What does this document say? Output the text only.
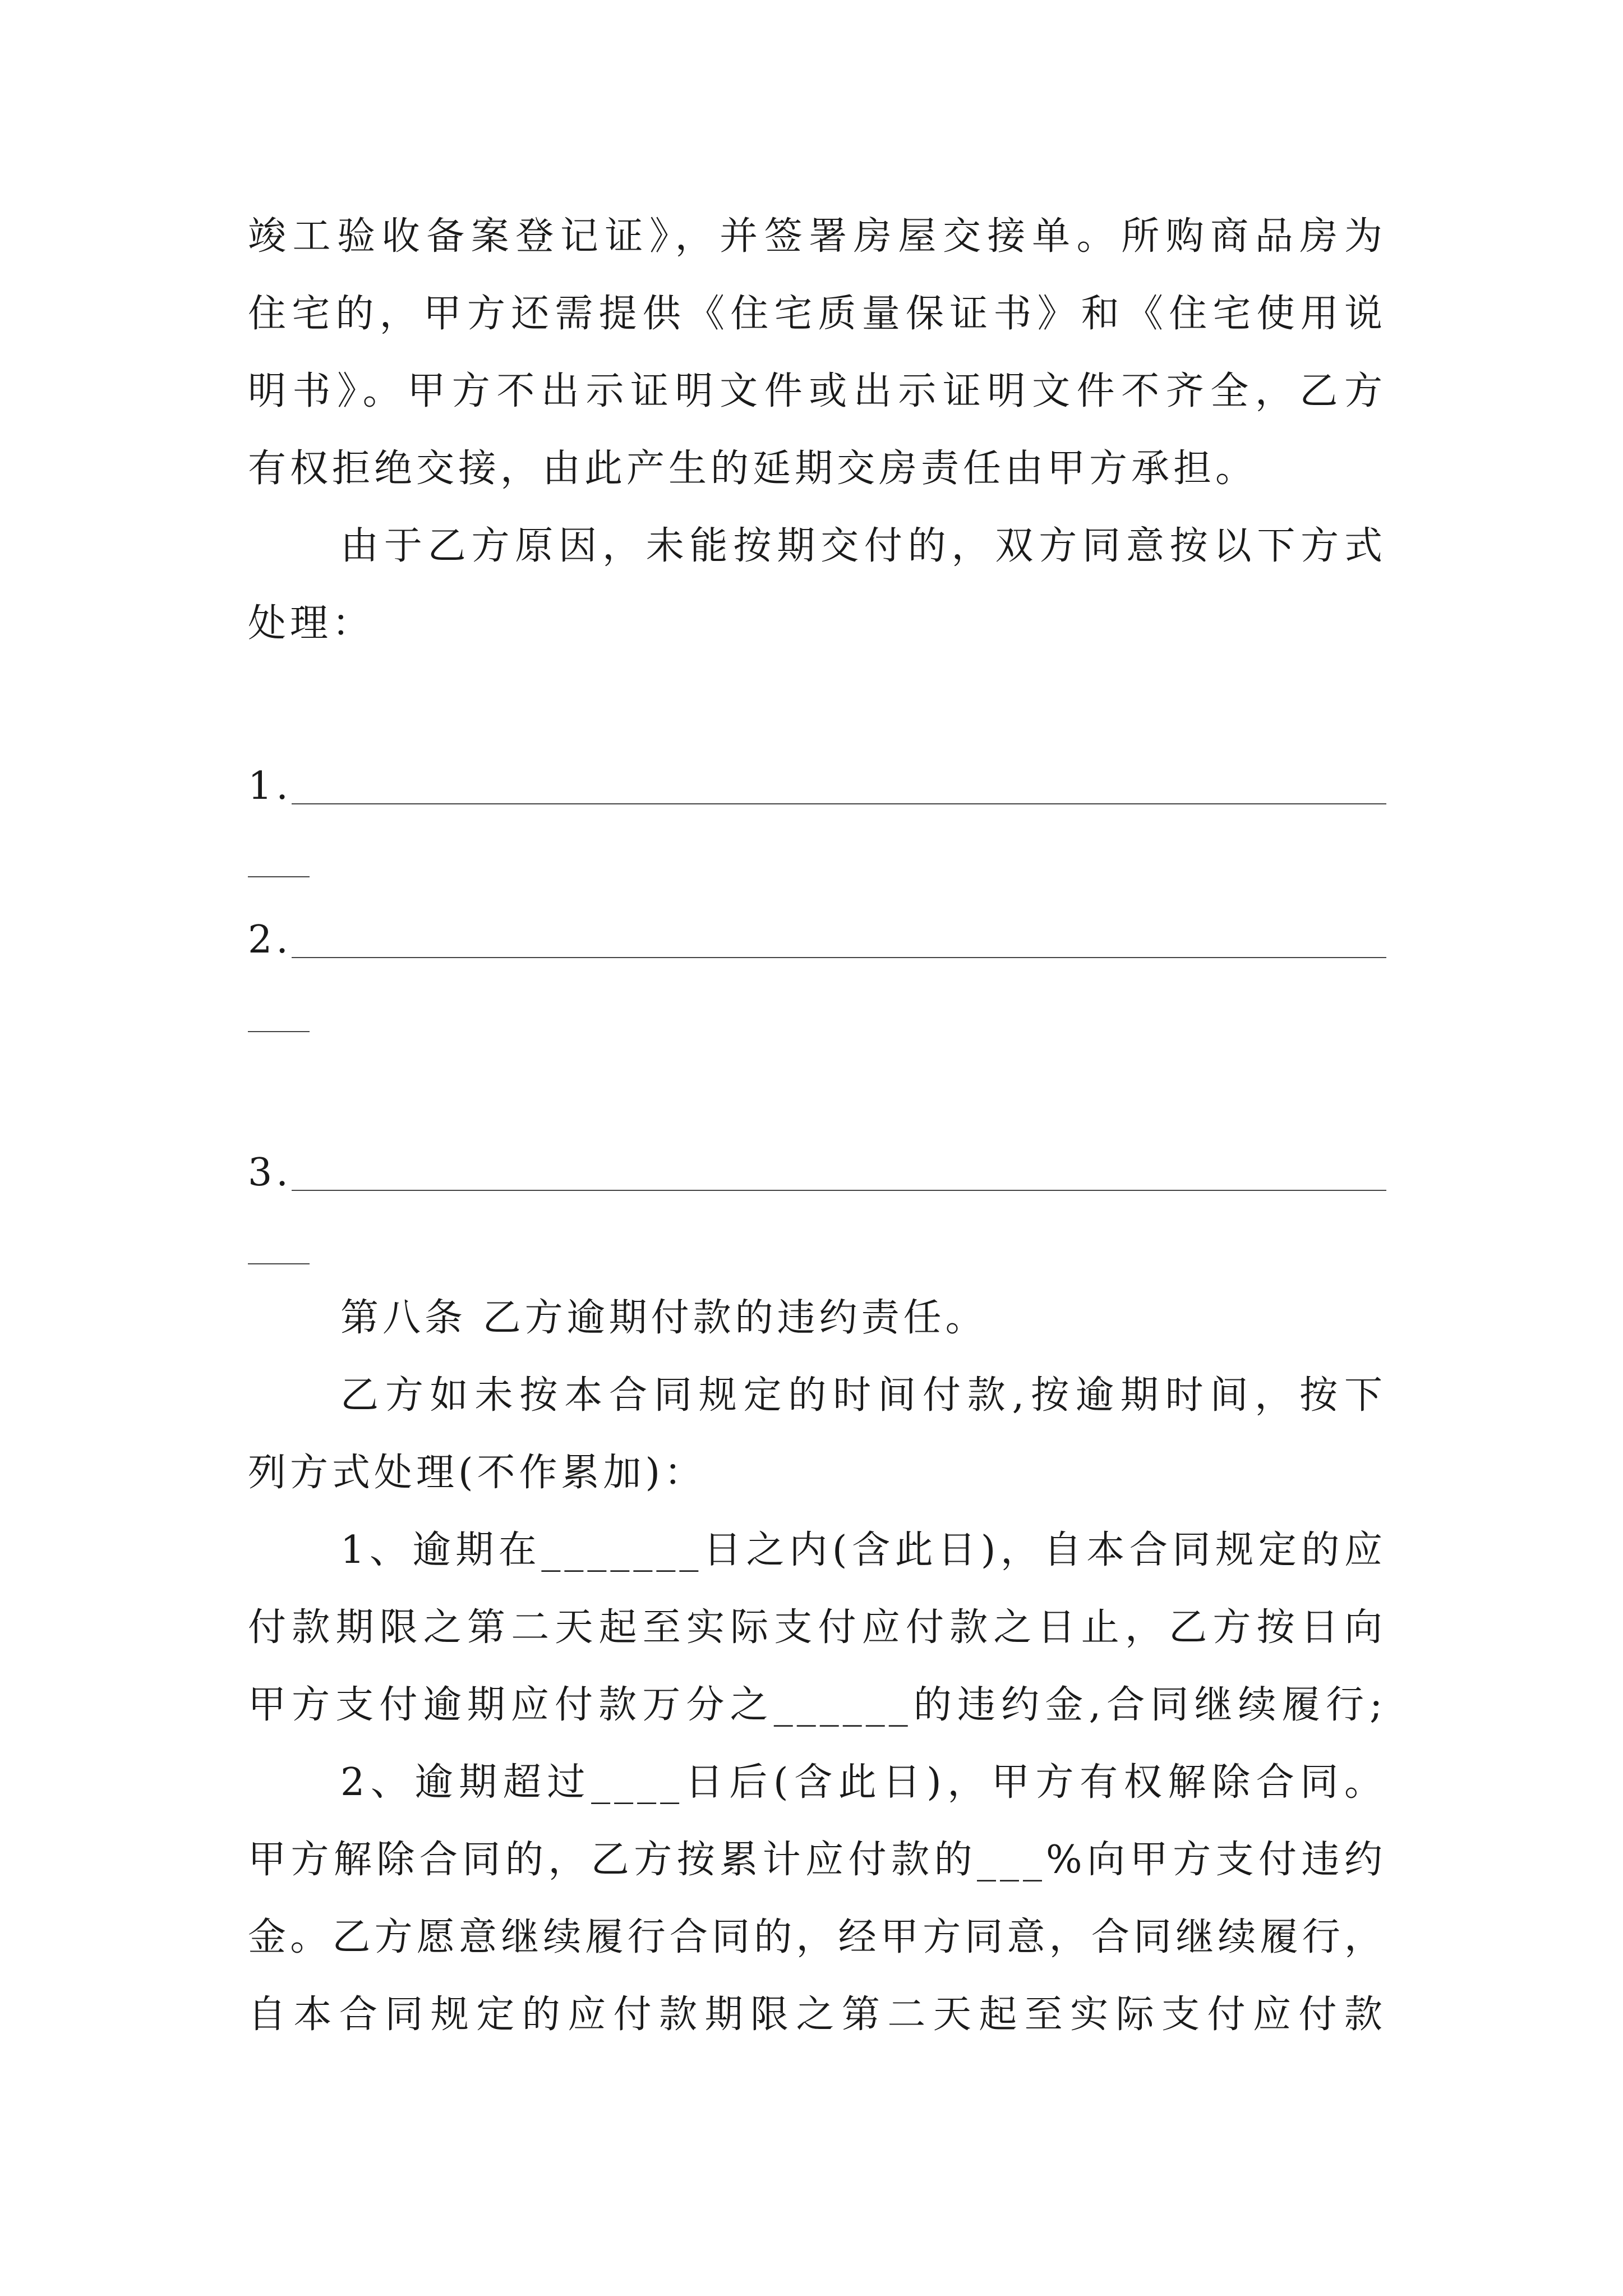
竣工验收备案登记证》，并签署房屋交接单。所购商品房为
住宅的，甲方还需提供《住宅质量保证书》和《住宅使用说
明书》。甲方不出示证明文件或出示证明文件不齐全，乙方
有权拒绝交接，由此产生的延期交房责任由甲方承担。
由于乙方原因，未能按期交付的，双方同意按以下方式
处理：
1.
2.
3.
第八条 乙方逾期付款的违约责任。
乙方如未按本合同规定的时间付款,按逾期时间，按下
列方式处理(不作累加)：
1、逾期在_______日之内(含此日)，自本合同规定的应
付款期限之第二天起至实际支付应付款之日止，乙方按日向
甲方支付逾期应付款万分之______的违约金,合同继续履行;
2、逾期超过____日后(含此日)，甲方有权解除合同。
甲方解除合同的，乙方按累计应付款的___%向甲方支付违约
金。乙方愿意继续履行合同的，经甲方同意，合同继续履行，
自本合同规定的应付款期限之第二天起至实际支付应付款
